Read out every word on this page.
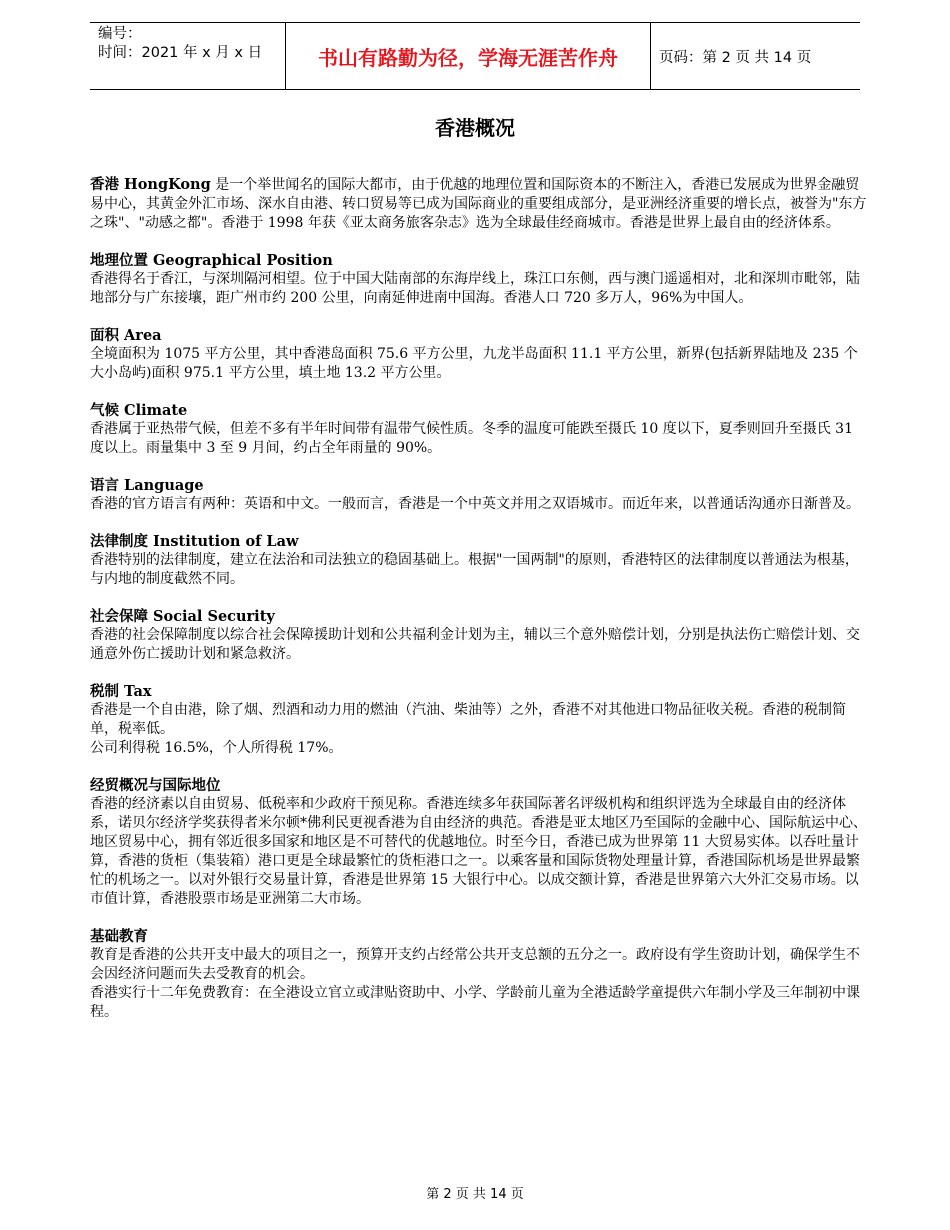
编号：
时间：2021 年 x 月 x 日	书山有路勤为径，学海无涯苦作舟	页码：第 2 页 共 14 页
香港概况

香港 HongKong 是一个举世闻名的国际大都市，由于优越的地理位置和国际资本的不断注入，香港已发展成为世界金融贸易中心，其黄金外汇市场、深水自由港、转口贸易等已成为国际商业的重要组成部分，是亚洲经济重要的增长点，被誉为"东方之珠"、"动感之都"。香港于 1998 年获《亚太商务旅客杂志》选为全球最佳经商城市。香港是世界上最自由的经济体系。

地理位置 Geographical Position

香港得名于香江，与深圳隔河相望。位于中国大陆南部的东海岸线上，珠江口东侧，西与澳门遥遥相对，北和深圳市毗邻，陆地部分与广东接壤，距广州市约 200 公里，向南延伸进南中国海。香港人口 720 多万人，96%为中国人。

面积 Area

全境面积为 1075 平方公里，其中香港岛面积 75.6 平方公里，九龙半岛面积 11.1 平方公里，新界(包括新界陆地及 235 个大小岛屿)面积 975.1 平方公里，填土地 13.2 平方公里。

气候 Climate

香港属于亚热带气候，但差不多有半年时间带有温带气候性质。冬季的温度可能跌至摄氏 10 度以下，夏季则回升至摄氏 31 度以上。雨量集中 3 至 9 月间，约占全年雨量的 90%。

语言 Language

香港的官方语言有两种：英语和中文。一般而言，香港是一个中英文并用之双语城市。而近年来，以普通话沟通亦日渐普及。

法律制度 Institution of Law

香港特别的法律制度，建立在法治和司法独立的稳固基础上。根据"一国两制"的原则，香港特区的法律制度以普通法为根基，与内地的制度截然不同。

社会保障 Social Security

香港的社会保障制度以综合社会保障援助计划和公共福利金计划为主，辅以三个意外赔偿计划，分别是执法伤亡赔偿计划、交通意外伤亡援助计划和紧急救济。

税制 Tax

香港是一个自由港，除了烟、烈酒和动力用的燃油（汽油、柴油等）之外，香港不对其他进口物品征收关税。香港的税制简单，税率低。

公司利得税 16.5%，个人所得税 17%。

经贸概况与国际地位

香港的经济素以自由贸易、低税率和少政府干预见称。香港连续多年获国际著名评级机构和组织评选为全球最自由的经济体系，诺贝尔经济学奖获得者米尔顿*佛利民更视香港为自由经济的典范。香港是亚太地区乃至国际的金融中心、国际航运中心、地区贸易中心，拥有邻近很多国家和地区是不可替代的优越地位。时至今日，香港已成为世界第 11 大贸易实体。以吞吐量计算，香港的货柜（集装箱）港口更是全球最繁忙的货柜港口之一。以乘客量和国际货物处理量计算，香港国际机场是世界最繁忙的机场之一。以对外银行交易量计算，香港是世界第 15 大银行中心。以成交额计算，香港是世界第六大外汇交易市场。以市值计算，香港股票市场是亚洲第二大市场。

基础教育

教育是香港的公共开支中最大的项目之一，预算开支约占经常公共开支总额的五分之一。政府设有学生资助计划，确保学生不会因经济问题而失去受教育的机会。

香港实行十二年免费教育：在全港设立官立或津贴资助中、小学、学龄前儿童为全港适龄学童提供六年制小学及三年制初中课程。

第 2 页 共 14 页
